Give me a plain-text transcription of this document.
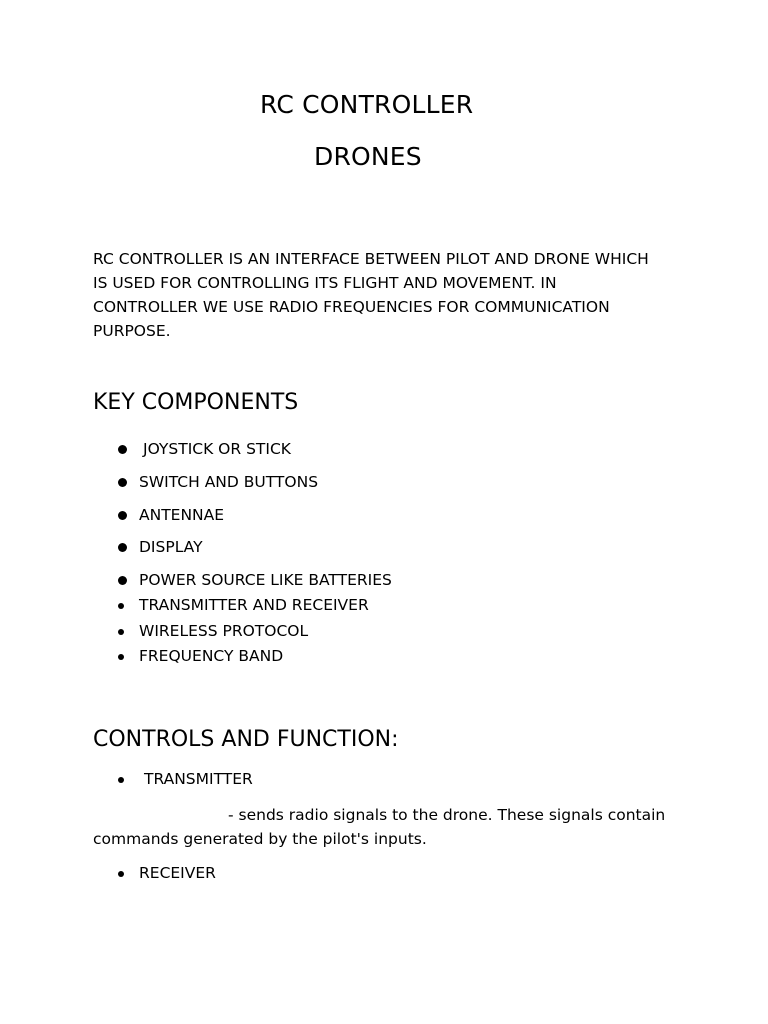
RC CONTROLLER
DRONES
RC CONTROLLER IS AN INTERFACE BETWEEN PILOT AND DRONE WHICH
IS USED FOR CONTROLLING ITS FLIGHT AND MOVEMENT. IN
CONTROLLER WE USE RADIO FREQUENCIES FOR COMMUNICATION
PURPOSE.
KEY COMPONENTS
JOYSTICK OR STICK
SWITCH AND BUTTONS
ANTENNAE
DISPLAY
POWER SOURCE LIKE BATTERIES
TRANSMITTER AND RECEIVER
WIRELESS PROTOCOL
FREQUENCY BAND
CONTROLS AND FUNCTION:
TRANSMITTER
- sends radio signals to the drone. These signals contain
commands generated by the pilot's inputs.
RECEIVER
